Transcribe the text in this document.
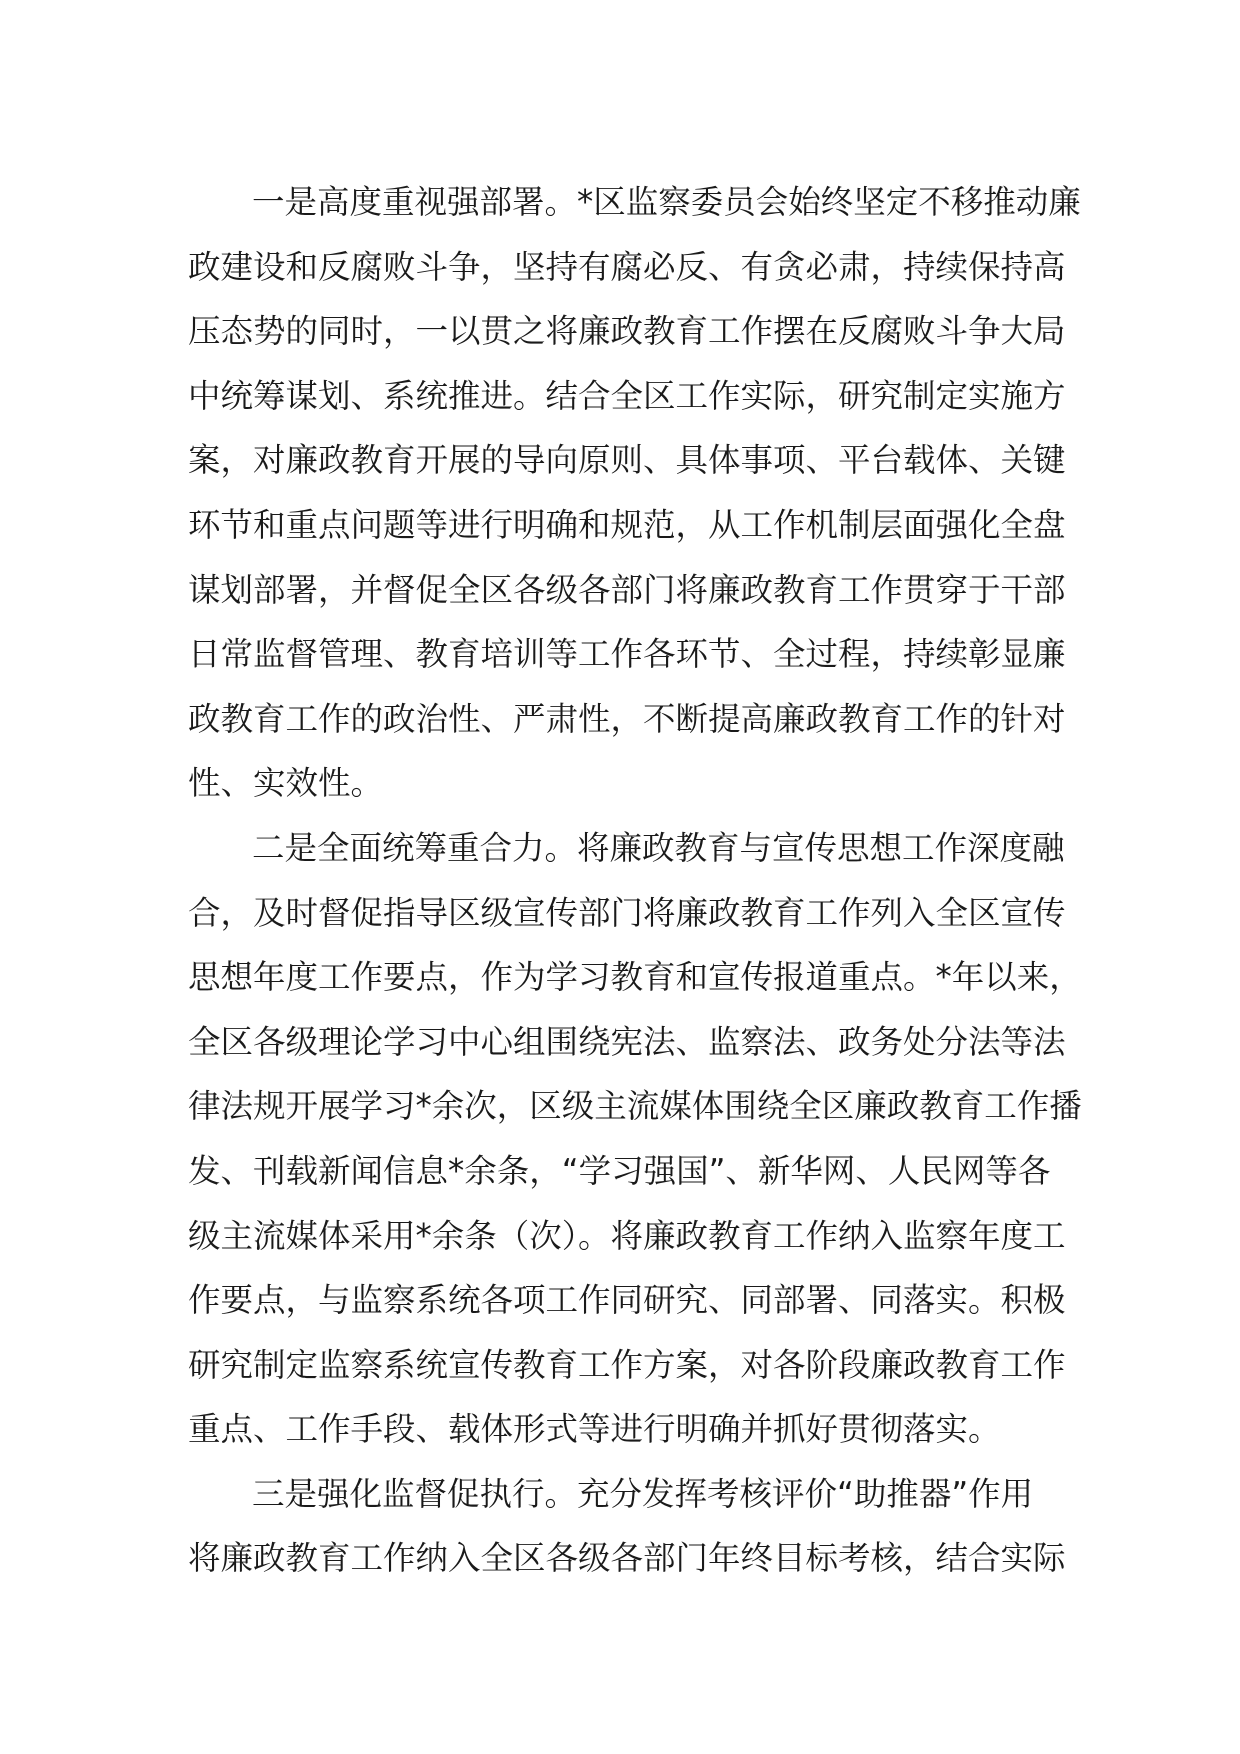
一是高度重视强部署。*区监察委员会始终坚定不移推动廉
政建设和反腐败斗争，坚持有腐必反、有贪必肃，持续保持高
压态势的同时，一以贯之将廉政教育工作摆在反腐败斗争大局
中统筹谋划、系统推进。结合全区工作实际，研究制定实施方
案，对廉政教育开展的导向原则、具体事项、平台载体、关键
环节和重点问题等进行明确和规范，从工作机制层面强化全盘
谋划部署，并督促全区各级各部门将廉政教育工作贯穿于干部
日常监督管理、教育培训等工作各环节、全过程，持续彰显廉
政教育工作的政治性、严肃性，不断提高廉政教育工作的针对
性、实效性。
二是全面统筹重合力。将廉政教育与宣传思想工作深度融
合，及时督促指导区级宣传部门将廉政教育工作列入全区宣传
思想年度工作要点，作为学习教育和宣传报道重点。*年以来，
全区各级理论学习中心组围绕宪法、监察法、政务处分法等法
律法规开展学习*余次，区级主流媒体围绕全区廉政教育工作播
发、刊载新闻信息*余条，“学习强国”、新华网、人民网等各
级主流媒体采用*余条（次）。将廉政教育工作纳入监察年度工
作要点，与监察系统各项工作同研究、同部署、同落实。积极
研究制定监察系统宣传教育工作方案，对各阶段廉政教育工作
重点、工作手段、载体形式等进行明确并抓好贯彻落实。
三是强化监督促执行。充分发挥考核评价“助推器”作用
将廉政教育工作纳入全区各级各部门年终目标考核，结合实际
